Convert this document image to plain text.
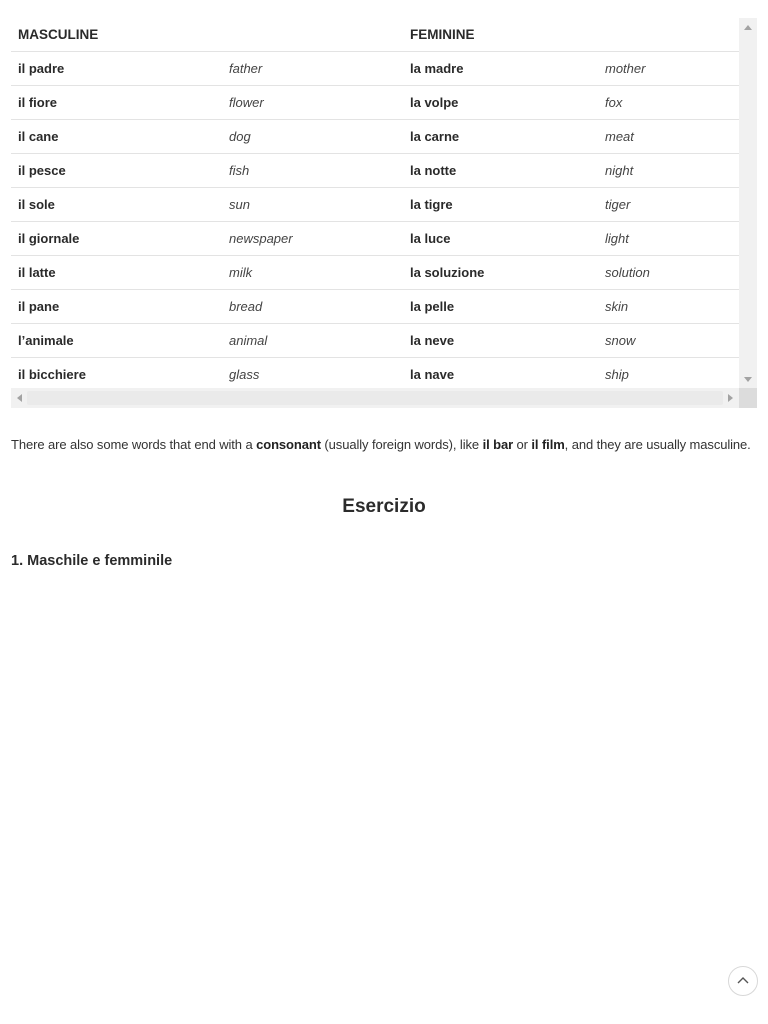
MASCULINE		FEMININE	
il padre	father	la madre	mother
il fiore	flower	la volpe	fox
il cane	dog	la carne	meat
il pesce	fish	la notte	night
il sole	sun	la tigre	tiger
il giornale	newspaper	la luce	light
il latte	milk	la soluzione	solution
il pane	bread	la pelle	skin
l’animale	animal	la neve	snow
il bicchiere	glass	la nave	ship

There are also some words that end with a consonant (usually foreign words), like il bar or il film, and they are usually masculine.

Esercizio
1. Maschile e femminile
